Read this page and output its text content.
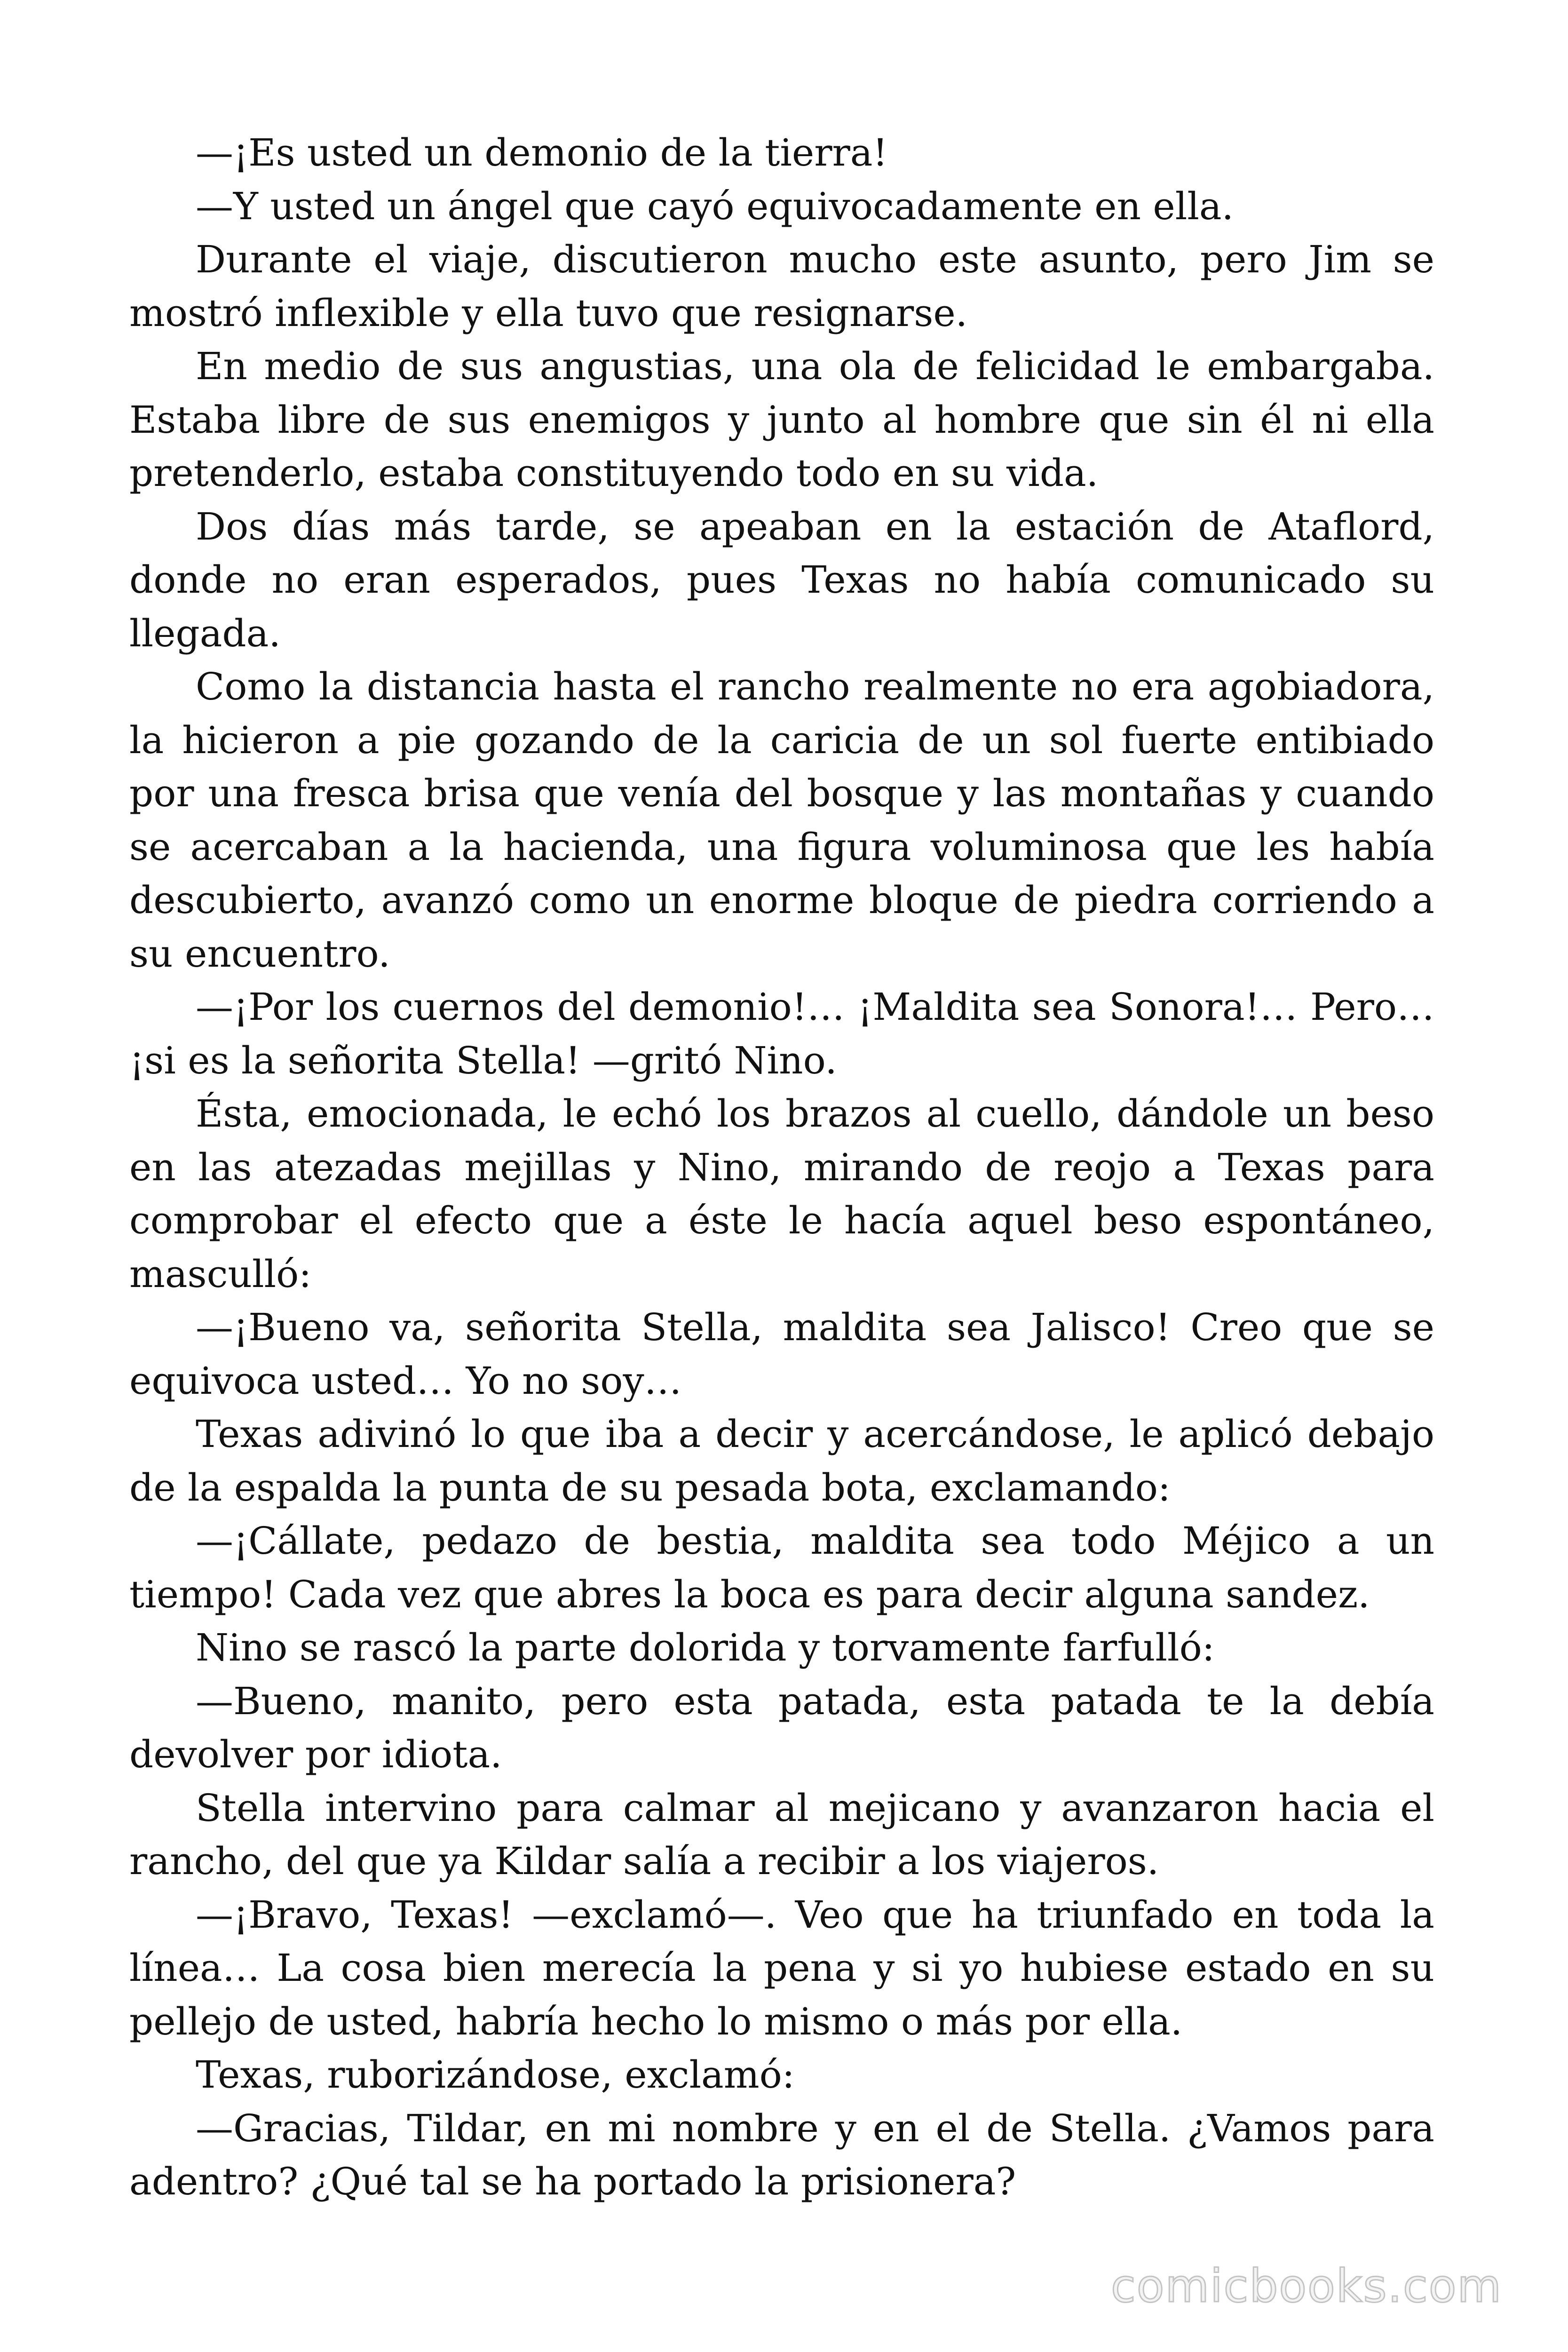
—¡Es usted un demonio de la tierra!

—Y usted un ángel que cayó equivocadamente en ella.

Durante el viaje, discutieron mucho este asunto, pero Jim se mostró inflexible y ella tuvo que resignarse.

En medio de sus angustias, una ola de felicidad le embargaba. Estaba libre de sus enemigos y junto al hombre que sin él ni ella pretenderlo, estaba constituyendo todo en su vida.

Dos días más tarde, se apeaban en la estación de Ataflord, donde no eran esperados, pues Texas no había comunicado su llegada.

Como la distancia hasta el rancho realmente no era agobiadora, la hicieron a pie gozando de la caricia de un sol fuerte entibiado por una fresca brisa que venía del bosque y las montañas y cuando se acercaban a la hacienda, una figura voluminosa que les había descubierto, avanzó como un enorme bloque de piedra corriendo a su encuentro.

—¡Por los cuernos del demonio!… ¡Maldita sea Sonora!… Pero… ¡si es la señorita Stella! —gritó Nino.

Ésta, emocionada, le echó los brazos al cuello, dándole un beso en las atezadas mejillas y Nino, mirando de reojo a Texas para comprobar el efecto que a éste le hacía aquel beso espontáneo, masculló:

—¡Bueno va, señorita Stella, maldita sea Jalisco! Creo que se equivoca usted… Yo no soy…

Texas adivinó lo que iba a decir y acercándose, le aplicó debajo de la espalda la punta de su pesada bota, exclamando:

—¡Cállate, pedazo de bestia, maldita sea todo Méjico a un tiempo! Cada vez que abres la boca es para decir alguna sandez.

Nino se rascó la parte dolorida y torvamente farfulló:

—Bueno, manito, pero esta patada, esta patada te la debía devolver por idiota.

Stella intervino para calmar al mejicano y avanzaron hacia el rancho, del que ya Kildar salía a recibir a los viajeros.

—¡Bravo, Texas! —exclamó—. Veo que ha triunfado en toda la línea… La cosa bien merecía la pena y si yo hubiese estado en su pellejo de usted, habría hecho lo mismo o más por ella.

Texas, ruborizándose, exclamó:

—Gracias, Tildar, en mi nombre y en el de Stella. ¿Vamos para adentro? ¿Qué tal se ha portado la prisionera?

comicbooks.com
